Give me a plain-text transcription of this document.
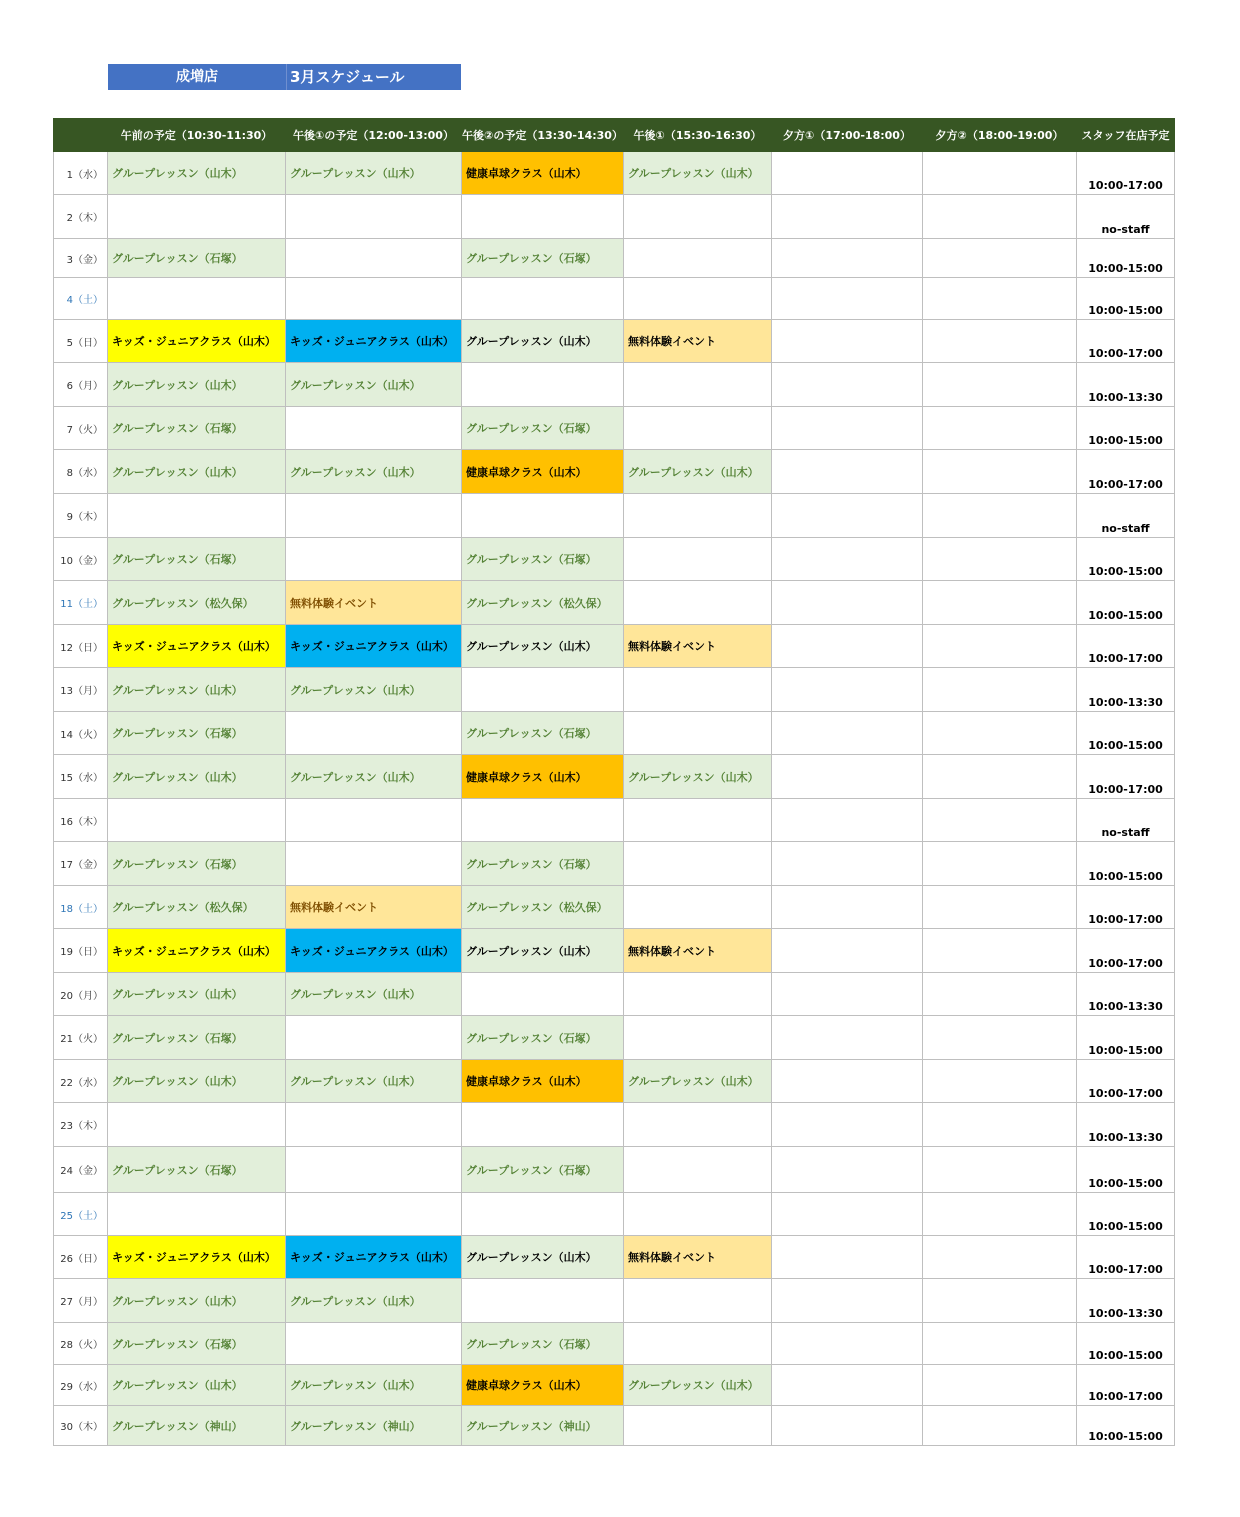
成増店	3月スケジュール
	午前の予定（10:30-11:30）	午後①の予定（12:00-13:00）	午後②の予定（13:30-14:30）	午後①（15:30-16:30）	夕方①（17:00-18:00）	夕方②（18:00-19:00）	スタッフ在店予定
1（水）	グループレッスン（山木）	グループレッスン（山木）	健康卓球クラス（山木）	グループレッスン（山木）			10:00-17:00
2（木）							no-staff
3（金）	グループレッスン（石塚）		グループレッスン（石塚）				10:00-15:00
4（土）							10:00-15:00
5（日）	キッズ・ジュニアクラス（山木）	キッズ・ジュニアクラス（山木）	グループレッスン（山木）	無料体験イベント			10:00-17:00
6（月）	グループレッスン（山木）	グループレッスン（山木）					10:00-13:30
7（火）	グループレッスン（石塚）		グループレッスン（石塚）				10:00-15:00
8（水）	グループレッスン（山木）	グループレッスン（山木）	健康卓球クラス（山木）	グループレッスン（山木）			10:00-17:00
9（木）							no-staff
10（金）	グループレッスン（石塚）		グループレッスン（石塚）				10:00-15:00
11（土）	グループレッスン（松久保）	無料体験イベント	グループレッスン（松久保）				10:00-15:00
12（日）	キッズ・ジュニアクラス（山木）	キッズ・ジュニアクラス（山木）	グループレッスン（山木）	無料体験イベント			10:00-17:00
13（月）	グループレッスン（山木）	グループレッスン（山木）					10:00-13:30
14（火）	グループレッスン（石塚）		グループレッスン（石塚）				10:00-15:00
15（水）	グループレッスン（山木）	グループレッスン（山木）	健康卓球クラス（山木）	グループレッスン（山木）			10:00-17:00
16（木）							no-staff
17（金）	グループレッスン（石塚）		グループレッスン（石塚）				10:00-15:00
18（土）	グループレッスン（松久保）	無料体験イベント	グループレッスン（松久保）				10:00-17:00
19（日）	キッズ・ジュニアクラス（山木）	キッズ・ジュニアクラス（山木）	グループレッスン（山木）	無料体験イベント			10:00-17:00
20（月）	グループレッスン（山木）	グループレッスン（山木）					10:00-13:30
21（火）	グループレッスン（石塚）		グループレッスン（石塚）				10:00-15:00
22（水）	グループレッスン（山木）	グループレッスン（山木）	健康卓球クラス（山木）	グループレッスン（山木）			10:00-17:00
23（木）							10:00-13:30
24（金）	グループレッスン（石塚）		グループレッスン（石塚）				10:00-15:00
25（土）							10:00-15:00
26（日）	キッズ・ジュニアクラス（山木）	キッズ・ジュニアクラス（山木）	グループレッスン（山木）	無料体験イベント			10:00-17:00
27（月）	グループレッスン（山木）	グループレッスン（山木）					10:00-13:30
28（火）	グループレッスン（石塚）		グループレッスン（石塚）				10:00-15:00
29（水）	グループレッスン（山木）	グループレッスン（山木）	健康卓球クラス（山木）	グループレッスン（山木）			10:00-17:00
30（木）	グループレッスン（神山）	グループレッスン（神山）	グループレッスン（神山）				10:00-15:00
